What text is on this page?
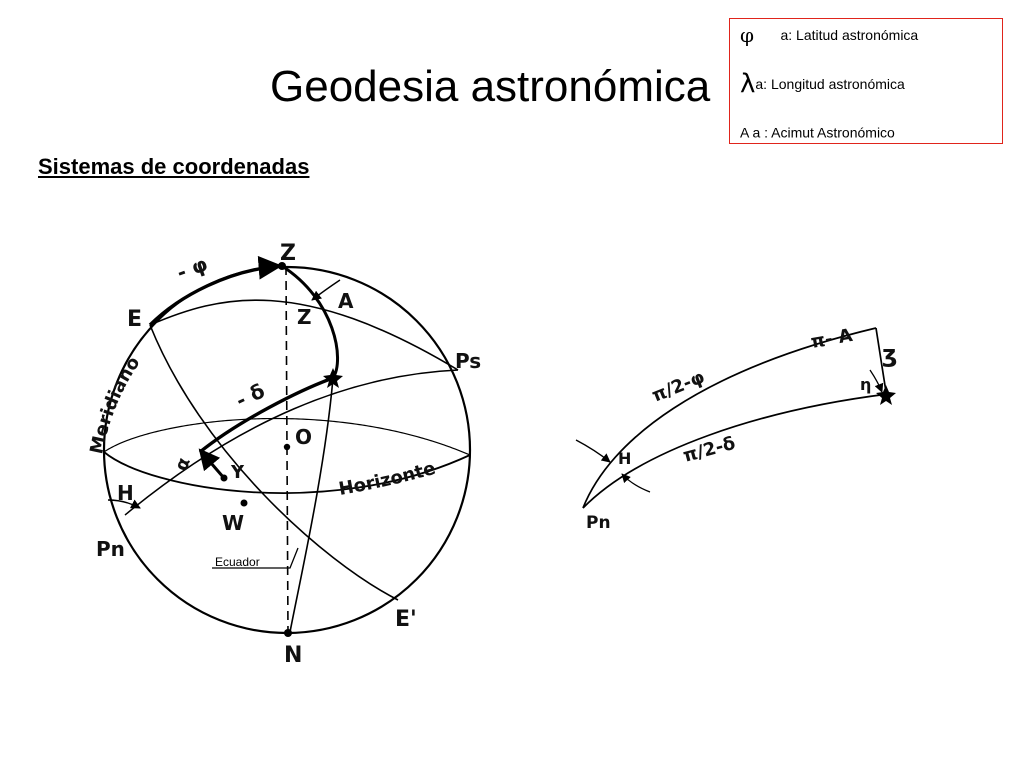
Geodesia astronómica
Sistemas de coordenadas
φ a: Latitud astronómica
λa: Longitud astronómica
A a : Acimut Astronómico
Z
N
E
E'
W
O
Ps
Pn
H
A
Z
- φ
- δ
α Υ
Horizonte
Meridiano
Ecuador
π- A
π/2-φ
π/2-δ
ʒ
η
H
Pn
